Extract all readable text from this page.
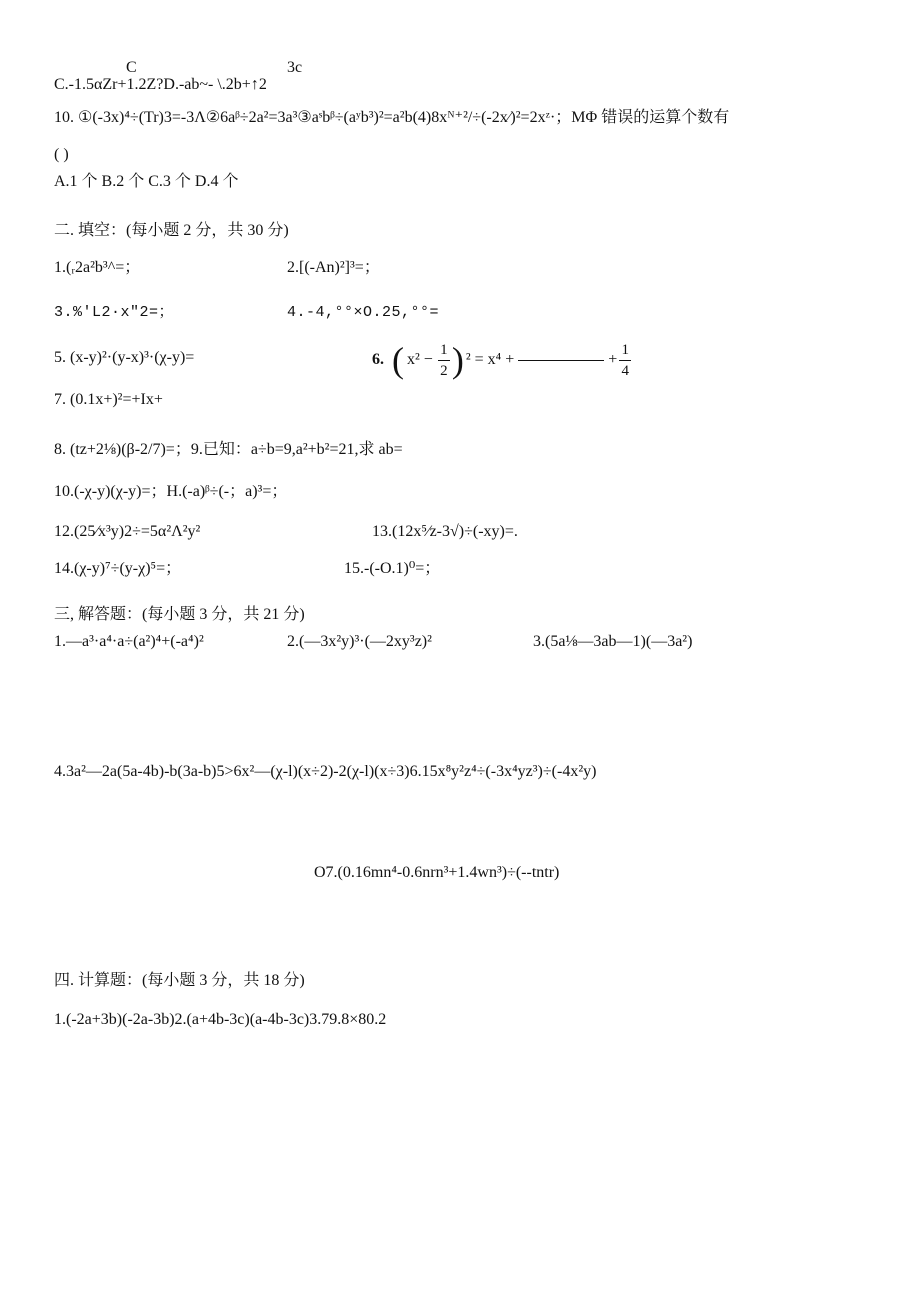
C	3c
C.-1.5αZr+1.2Z?D.-ab~- \.2b+↑2
10. ①(-3x)⁴÷(Tr)3=-3Λ②6aᵝ÷2a²=3a³③aˢbᵝ÷(aʸb³)²=a²b(4)8xᴺ⁺²/÷(-2x⁄)²=2xᶻ·；MΦ 错误的运算个数有
( )
A.1 个 B.2 个 C.3 个 D.4 个
二. 填空：(每小题 2 分，共 30 分)
1.(ᵣ2a²b³^=；	2.[(-An)²]³=；
3.%'L2·x"2=；	4.-4,°°×O.25,°°=
5. (x-y)²·(y-x)³·(χ-y)=	6. ( $x^2 - \frac{1}{2}$ ) ² = x⁴ +	+ $\frac{1}{4}$
7. (0.1x+)²=+Ix+
8. (tz+2⅛)(β-2/7)=；9.已知：a÷b=9,a²+b²=21,求 ab=
10.(-χ-y)(χ-y)=；H.(-a)ᵝ÷(-；a)³=；
12.(25⁄x³y)2÷=5α²Λ²y²	13.(12x⁵⁄z-3√)÷(-xy)=.
14.(χ-y)⁷÷(y-χ)⁵=；	15.-(-O.1)⁰=；
三, 解答题：(每小题 3 分，共 21 分)
1.—a³·a⁴·a÷(a²)⁴+(-a⁴)²	2.(—3x²y)³·(—2xy³z)²	3.(5a⅛—3ab—1)(—3a²)
4.3a²—2a(5a-4b)-b(3a-b)5>6x²—(χ-l)(x÷2)-2(χ-l)(x÷3)6.15x⁸y²z⁴÷(-3x⁴yz³)÷(-4x²y)
O7.(0.16mn⁴-0.6nrn³+1.4wn³)÷(--tntr)
四. 计算题：(每小题 3 分，共 18 分)
1.(-2a+3b)(-2a-3b)2.(a+4b-3c)(a-4b-3c)3.79.8×80.2
